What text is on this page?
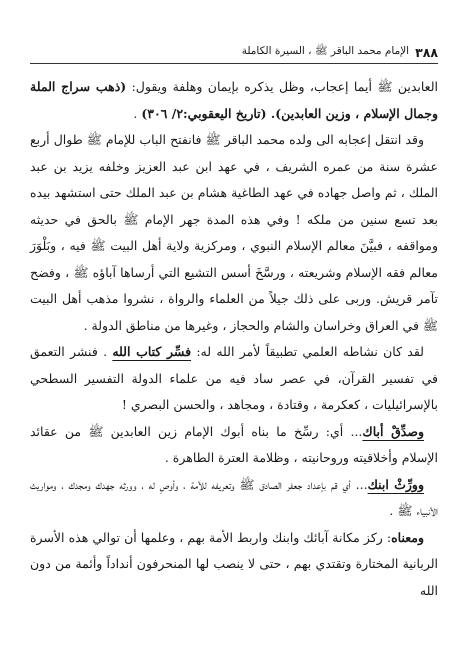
٣٨٨
الإمام محمد الباقر ﷺ ، السيرة الكاملة

العابدين ﷺ أيما إعجاب، وظل يذكره بإيمان وهلفة ويقول: (ذهب سراج الملة وجمال الإسلام ، وزين العابدين). (تاريخ اليعقوبي:٢/ ٣٠٦) .

وقد انتقل إعجابه الى ولده محمد الباقر ﷺ فانفتح الباب للإمام ﷺ طوال أربع عشرة سنة من عمره الشريف ، في عهد ابن عبد العزيز وخلفه يزيد بن عبد الملك ، ثم واصل جهاده في عهد الطاغية هشام بن عبد الملك حتى استشهد بيده بعد تسع سنين من ملكه ! وفي هذه المدة جهر الإمام ﷺ بالحق في حديثه ومواقفه ، فبيَّنَ معالم الإسلام النبوي ، ومركزية ولاية أهل البيت ﷺ فيه ، وبَلْوَرَ معالم فقه الإسلام وشريعته ، ورسَّخَ أسس التشيع التي أرساها آباؤه ﷺ ، وفضح تآمر قريش. وربى على ذلك جيلاً من العلماء والرواة ، نشروا مذهب أهل البيت ﷺ في العراق وخراسان والشام والحجاز ، وغيرها من مناطق الدولة .

لقد كان نشاطه العلمي تطبيقاً لأمر الله له: فسِّر كتاب الله . فنشر التعمق في تفسير القرآن، في عصر ساد فيه من علماء الدولة التفسير السطحي بالإسرائيليات ، كعكرمة ، وقتادة ، ومجاهد ، والحسن البصري !

وصدِّقْ أباك... أي: رسِّخ ما بناه أبوك الإمام زين العابدين ﷺ من عقائد الإسلام وأخلاقيته وروحانيته ، وظلامة العترة الطاهرة .

وورِّثْ ابنك... أي قم بإعداد جعفر الصادق ﷺ وتعريفه للأمة ، وأوصِ له ، وورثه جهدك ومجدك ، ومواريث الأنبياء ﷺ .

ومعناه: ركز مكانة آبائك وابنك واربط الأمة بهم ، وعلمها أن توالي هذه الأسرة الربانية المختارة وتقتدي بهم ، حتى لا ينصب لها المنحرفون أنداداً وأئمة من دون الله
